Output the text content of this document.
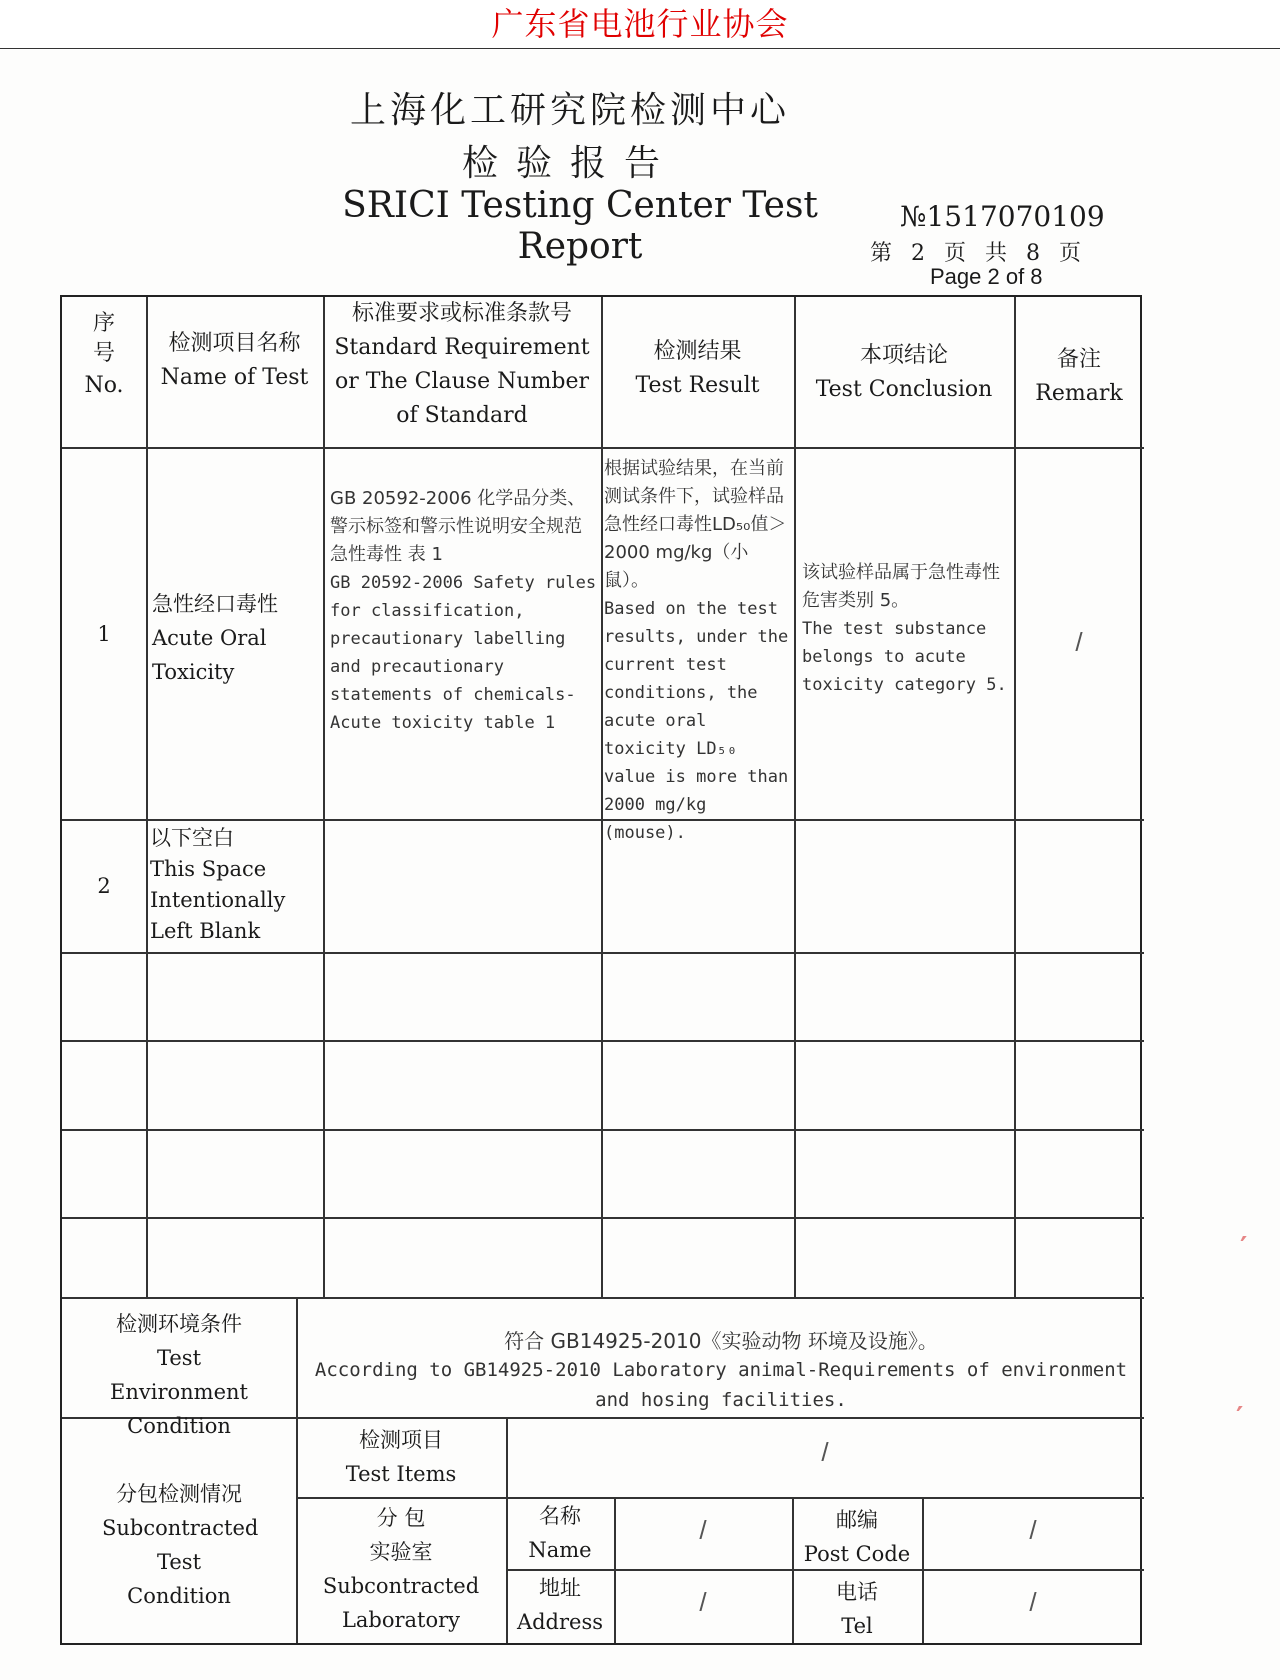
广东省电池行业协会
上海化工研究院检测中心
检验报告
SRICI Testing Center Test Report
№1517070109
第 2 页 共 8 页
Page 2 of 8
′
′
序号
No.
检测项目名称
Name of Test
标准要求或标准条款号
Standard Requirement or The Clause Number of Standard
检测结果
Test Result
本项结论
Test Conclusion
备注
Remark
1
急性经口毒性
Acute Oral Toxicity
GB 20592-2006 化学品分类、警示标签和警示性说明安全规范 急性毒性 表 1
GB 20592-2006 Safety rules for classification, precautionary labelling and precautionary statements of chemicals-Acute toxicity table 1
根据试验结果，在当前测试条件下，试验样品急性经口毒性LD₅₀值＞2000 mg/kg（小鼠）。
Based on the test results, under the current test conditions, the acute oral toxicity LD₅₀ value is more than 2000 mg/kg (mouse).
该试验样品属于急性毒性危害类别 5。
The test substance belongs to acute toxicity category 5.
/
2
以下空白
This Space Intentionally Left Blank
检测环境条件
Test Environment Condition
符合 GB14925-2010《实验动物 环境及设施》。
According to GB14925-2010 Laboratory animal-Requirements of environment and hosing facilities.
分包检测情况
Subcontracted Test Condition
检测项目
Test Items
/
分 包 实验室
Subcontracted Laboratory
名称
Name
/	邮编
Post Code
/
地址
Address
/	电话
Tel
/
